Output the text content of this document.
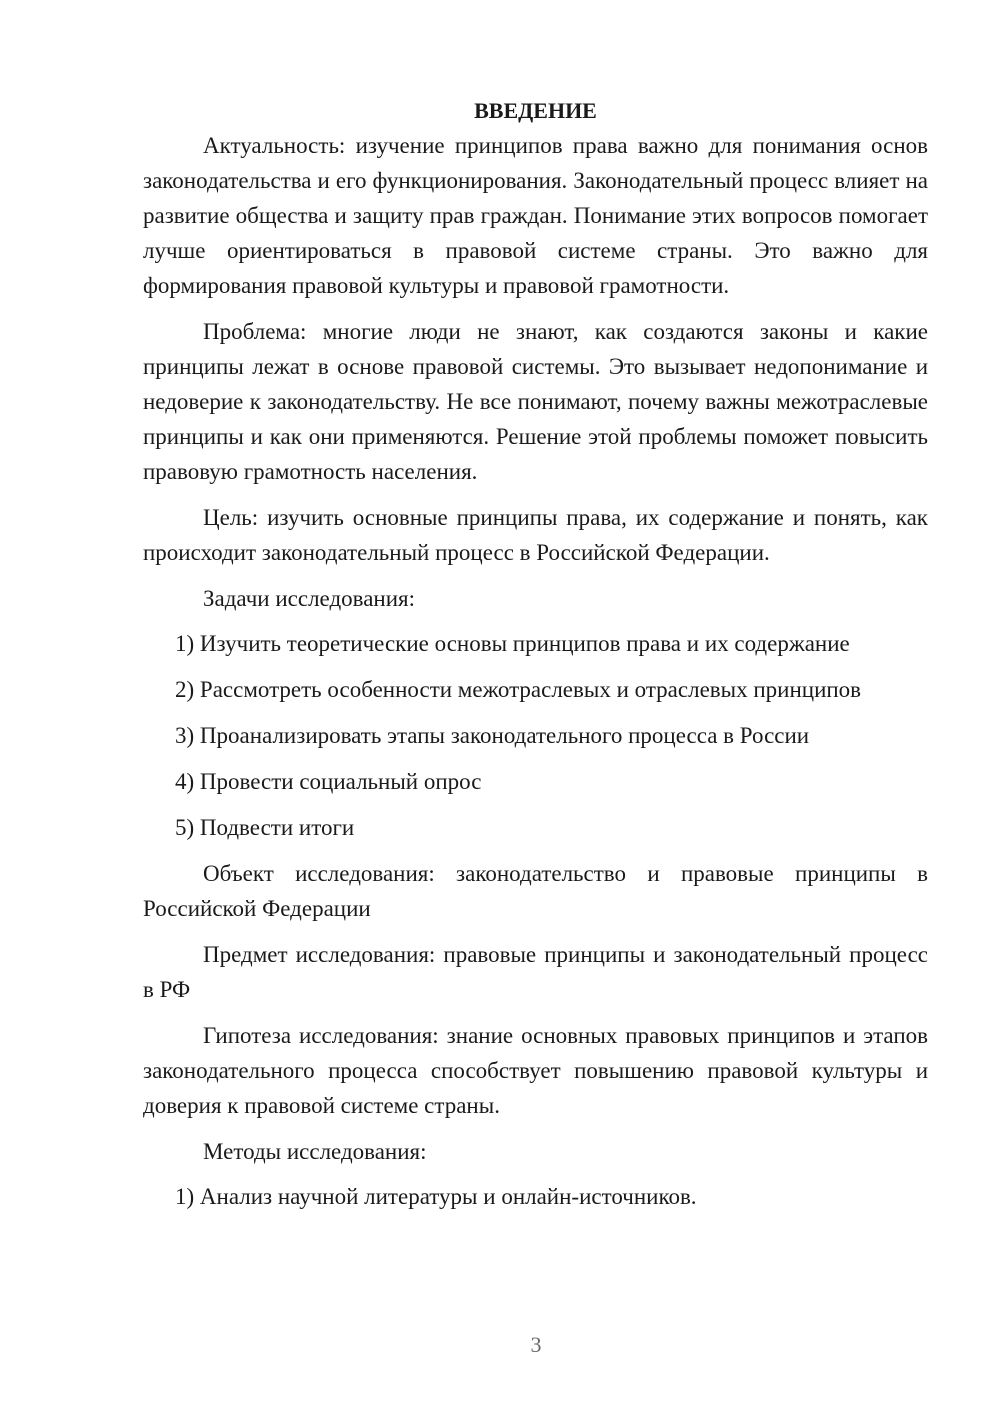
ВВЕДЕНИЕ

Актуальность: изучение принципов права важно для понимания основ законодательства и его функционирования. Законодательный процесс влияет на развитие общества и защиту прав граждан. Понимание этих вопросов помогает лучше ориентироваться в правовой системе страны. Это важно для формирования правовой культуры и правовой грамотности.

Проблема: многие люди не знают, как создаются законы и какие принципы лежат в основе правовой системы. Это вызывает недопонимание и недоверие к законодательству. Не все понимают, почему важны межотраслевые принципы и как они применяются. Решение этой проблемы поможет повысить правовую грамотность населения.

Цель: изучить основные принципы права, их содержание и понять, как происходит законодательный процесс в Российской Федерации.

Задачи исследования:

1) Изучить теоретические основы принципов права и их содержание
2) Рассмотреть особенности межотраслевых и отраслевых принципов
3) Проанализировать этапы законодательного процесса в России
4) Провести социальный опрос
5) Подвести итоги

Объект исследования: законодательство и правовые принципы в Российской Федерации

Предмет исследования: правовые принципы и законодательный процесс в РФ

Гипотеза исследования: знание основных правовых принципов и этапов законодательного процесса способствует повышению правовой культуры и доверия к правовой системе страны.

Методы исследования:

1) Анализ научной литературы и онлайн-источников.
3
